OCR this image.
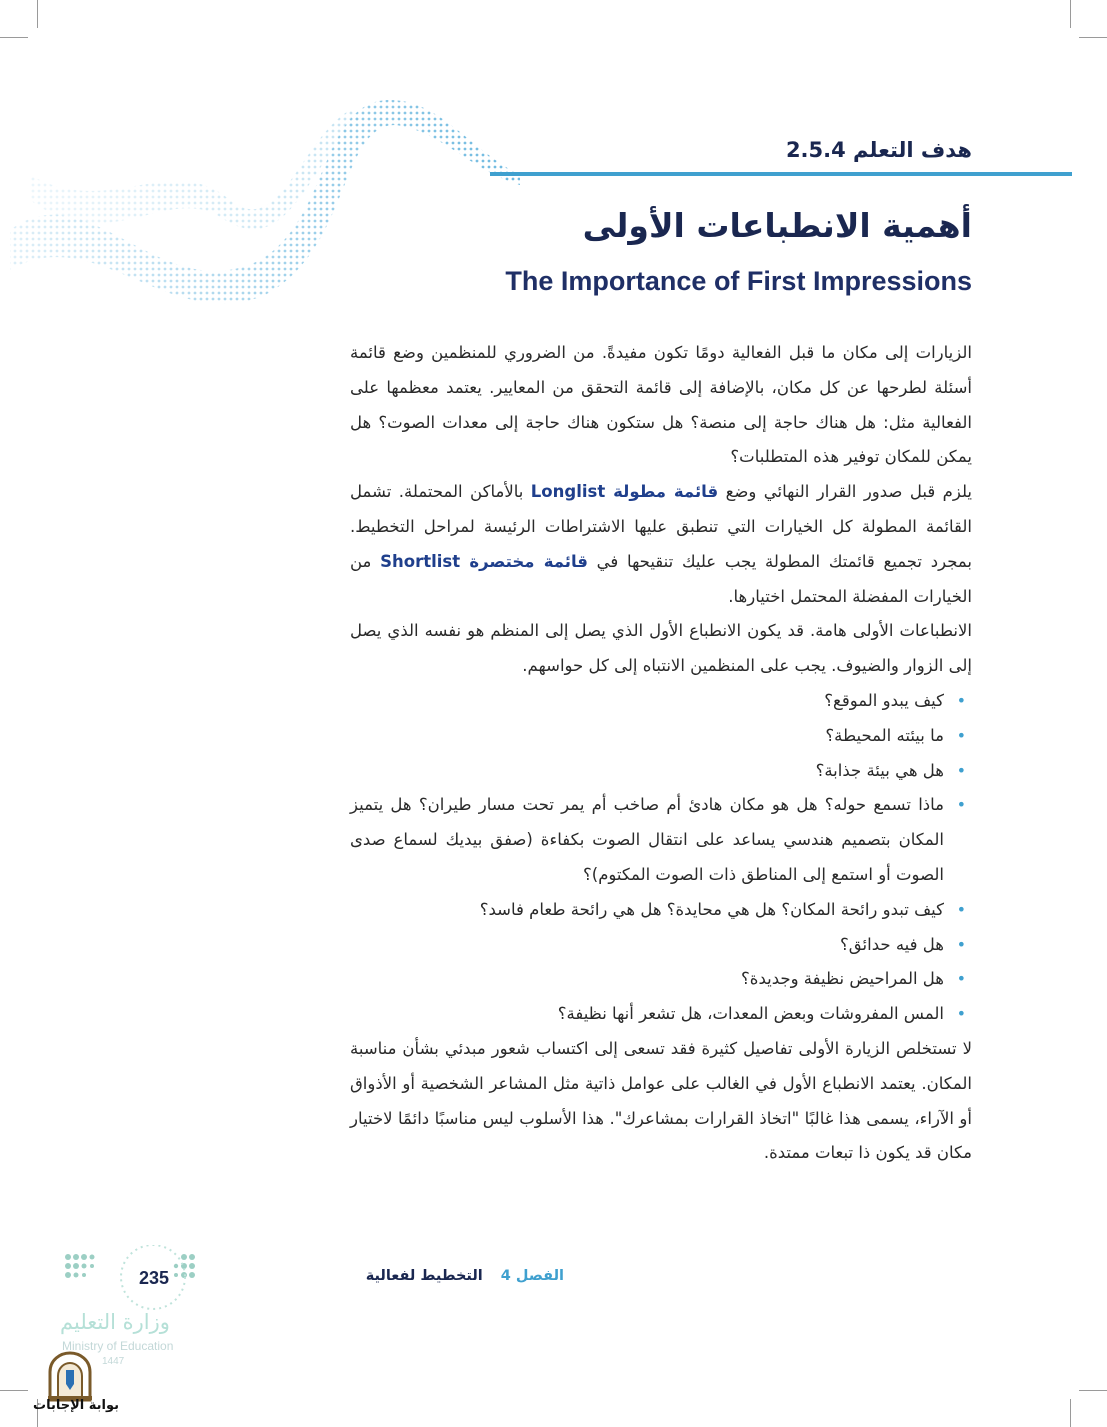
هدف التعلم 2.5.4
أهمية الانطباعات الأولى
The Importance of First Impressions

الزيارات إلى مكان ما قبل الفعالية دومًا تكون مفيدةً. من الضروري للمنظمين وضع قائمة أسئلة لطرحها عن كل مكان، بالإضافة إلى قائمة التحقق من المعايير. يعتمد معظمها على الفعالية مثل: هل هناك حاجة إلى منصة؟ هل ستكون هناك حاجة إلى معدات الصوت؟ هل يمكن للمكان توفير هذه المتطلبات؟

يلزم قبل صدور القرار النهائي وضع قائمة مطولة Longlist بالأماكن المحتملة. تشمل القائمة المطولة كل الخيارات التي تنطبق عليها الاشتراطات الرئيسة لمراحل التخطيط. بمجرد تجميع قائمتك المطولة يجب عليك تنقيحها في قائمة مختصرة Shortlist من الخيارات المفضلة المحتمل اختيارها.

الانطباعات الأولى هامة. قد يكون الانطباع الأول الذي يصل إلى المنظم هو نفسه الذي يصل إلى الزوار والضيوف. يجب على المنظمين الانتباه إلى كل حواسهم.

•
كيف يبدو الموقع؟
•
ما بيئته المحيطة؟
•
هل هي بيئة جذابة؟
•
ماذا تسمع حوله؟ هل هو مكان هادئ أم صاخب أم يمر تحت مسار طيران؟ هل يتميز المكان بتصميم هندسي يساعد على انتقال الصوت بكفاءة (صفق بيديك لسماع صدى الصوت أو استمع إلى المناطق ذات الصوت المكتوم)؟
•
كيف تبدو رائحة المكان؟ هل هي محايدة؟ هل هي رائحة طعام فاسد؟
•
هل فيه حدائق؟
•
هل المراحيض نظيفة وجديدة؟
•
المس المفروشات وبعض المعدات، هل تشعر أنها نظيفة؟

لا تستخلص الزيارة الأولى تفاصيل كثيرة فقد تسعى إلى اكتساب شعور مبدئي بشأن مناسبة المكان. يعتمد الانطباع الأول في الغالب على عوامل ذاتية مثل المشاعر الشخصية أو الأذواق أو الآراء، يسمى هذا غالبًا "اتخاذ القرارات بمشاعرك". هذا الأسلوب ليس مناسبًا دائمًا لاختيار مكان قد يكون ذا تبعات ممتدة.

الفصل 4التخطيط لفعالية
235
وزارة التعليم
Ministry of Education
1447
بوابة الإجابات
